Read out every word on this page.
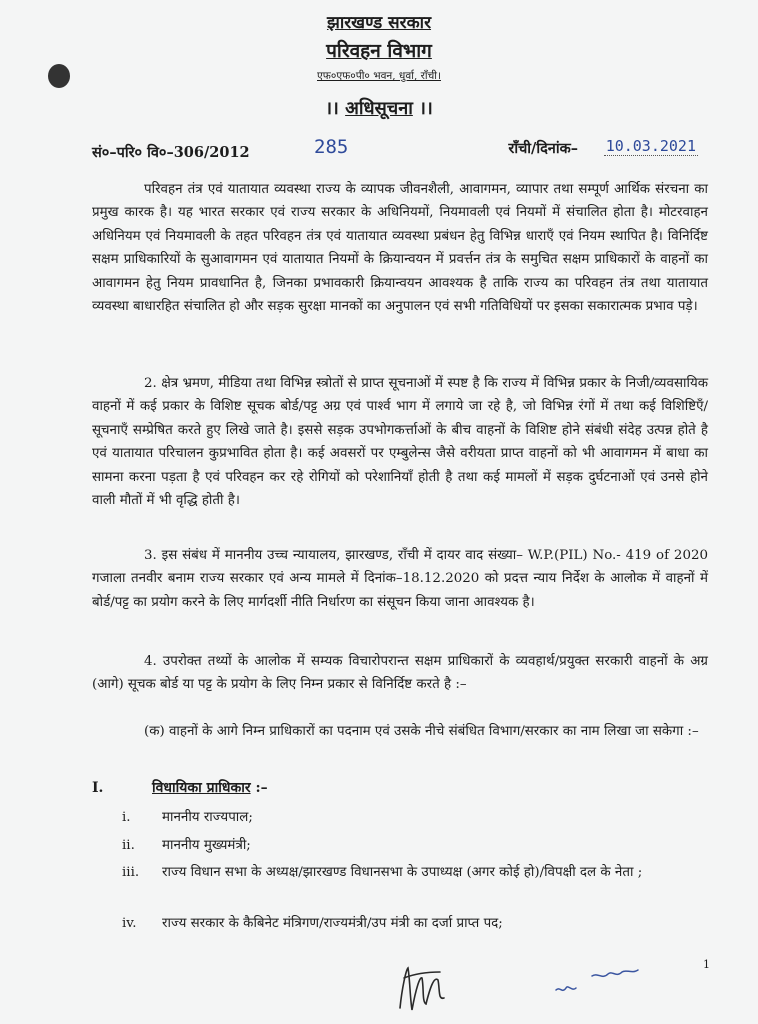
झारखण्ड सरकार
परिवहन विभाग
एफ०एफ०पी० भवन, धुर्वा, राँची।
।। अधिसूचना ।।
सं०–परि० वि०–306/2012	285	राँची/दिनांक– 10.03.2021

परिवहन तंत्र एवं यातायात व्यवस्था राज्य के व्यापक जीवनशैली, आवागमन, व्यापार तथा सम्पूर्ण आर्थिक संरचना का प्रमुख कारक है। यह भारत सरकार एवं राज्य सरकार के अधिनियमों, नियमावली एवं नियमों में संचालित होता है। मोटरवाहन अधिनियम एवं नियमावली के तहत परिवहन तंत्र एवं यातायात व्यवस्था प्रबंधन हेतु विभिन्न धाराएँ एवं नियम स्थापित है। विनिर्दिष्ट सक्षम प्राधिकारियों के सुआवागमन एवं यातायात नियमों के क्रियान्वयन में प्रवर्त्तन तंत्र के समुचित सक्षम प्राधिकारों के वाहनों का आवागमन हेतु नियम प्रावधानित है, जिनका प्रभावकारी क्रियान्वयन आवश्यक है ताकि राज्य का परिवहन तंत्र तथा यातायात व्यवस्था बाधारहित संचालित हो और सड़क सुरक्षा मानकों का अनुपालन एवं सभी गतिविधियों पर इसका सकारात्मक प्रभाव पड़े।

2. क्षेत्र भ्रमण, मीडिया तथा विभिन्न स्त्रोतों से प्राप्त सूचनाओं में स्पष्ट है कि राज्य में विभिन्न प्रकार के निजी/व्यवसायिक वाहनों में कई प्रकार के विशिष्ट सूचक बोर्ड/पट्ट अग्र एवं पार्श्व भाग में लगाये जा रहे है, जो विभिन्न रंगों में तथा कई विशिष्टिएँ/सूचनाएँ सम्प्रेषित करते हुए लिखे जाते है। इससे सड़क उपभोगकर्त्ताओं के बीच वाहनों के विशिष्ट होने संबंधी संदेह उत्पन्न होते है एवं यातायात परिचालन कुप्रभावित होता है। कई अवसरों पर एम्बुलेन्स जैसे वरीयता प्राप्त वाहनों को भी आवागमन में बाधा का सामना करना पड़ता है एवं परिवहन कर रहे रोगियों को परेशानियाँ होती है तथा कई मामलों में सड़क दुर्घटनाओं एवं उनसे होने वाली मौतों में भी वृद्धि होती है।

3. इस संबंध में माननीय उच्च न्यायालय, झारखण्ड, राँची में दायर वाद संख्या– W.P.(PIL) No.- 419 of 2020 गजाला तनवीर बनाम राज्य सरकार एवं अन्य मामले में दिनांक–18.12.2020 को प्रदत्त न्याय निर्देश के आलोक में वाहनों में बोर्ड/पट्ट का प्रयोग करने के लिए मार्गदर्शी नीति निर्धारण का संसूचन किया जाना आवश्यक है।

4. उपरोक्त तथ्यों के आलोक में सम्यक विचारोपरान्त सक्षम प्राधिकारों के व्यवहार्थ/प्रयुक्त सरकारी वाहनों के अग्र (आगे) सूचक बोर्ड या पट्ट के प्रयोग के लिए निम्न प्रकार से विनिर्दिष्ट करते है :–

(क) वाहनों के आगे निम्न प्राधिकारों का पदनाम एवं उसके नीचे संबंधित विभाग/सरकार का नाम लिखा जा सकेगा :–

I.	विधायिका प्राधिकार :–
i. माननीय राज्यपाल;
ii. माननीय मुख्यमंत्री;
iii. राज्य विधान सभा के अध्यक्ष/झारखण्ड विधानसभा के उपाध्यक्ष (अगर कोई हो)/विपक्षी दल के नेता ;
iv. राज्य सरकार के कैबिनेट मंत्रिगण/राज्यमंत्री/उप मंत्री का दर्जा प्राप्त पद;
1
